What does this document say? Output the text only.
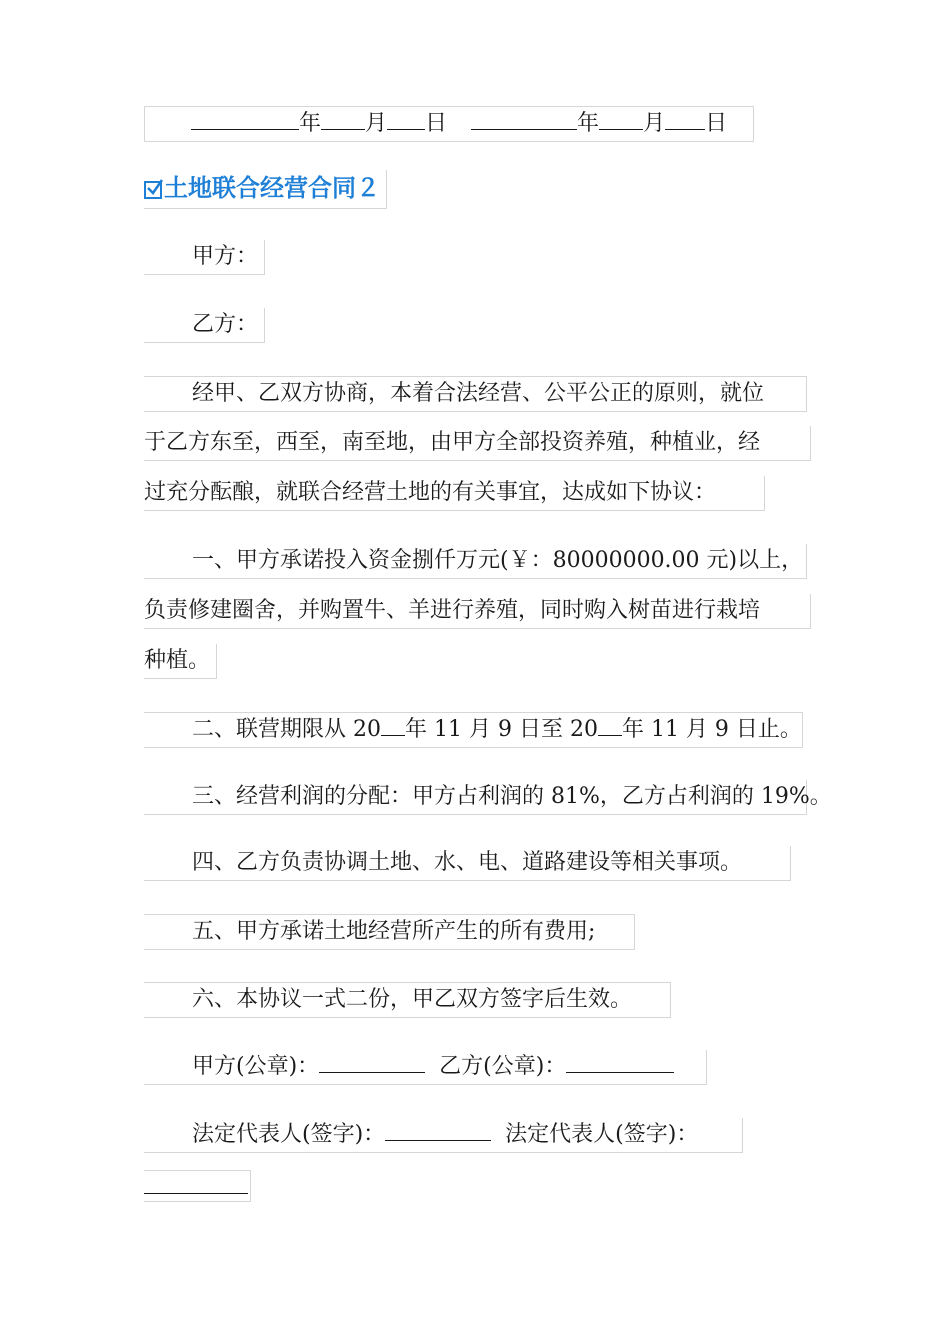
年 月 日	年 月 日
土地联合经营合同２
甲方：
乙方：
经甲、乙双方协商，本着合法经营、公平公正的原则，就位
于乙方东至，西至，南至地，由甲方全部投资养殖，种植业，经
过充分酝酿，就联合经营土地的有关事宜，达成如下协议：
一、甲方承诺投入资金捌仟万元(￥：80000000.00 元)以上，
负责修建圈舍，并购置牛、羊进行养殖，同时购入树苗进行栽培
种植。
二、联营期限从 20 年 11 月 9 日至 20 年 11 月 9 日止。
三、经营利润的分配：甲方占利润的 81%，乙方占利润的 19%。
四、乙方负责协调土地、水、电、道路建设等相关事项。
五、甲方承诺土地经营所产生的所有费用;
六、本协议一式二份，甲乙双方签字后生效。
甲方(公章)：	乙方(公章)：
法定代表人(签字)：	法定代表人(签字)：
